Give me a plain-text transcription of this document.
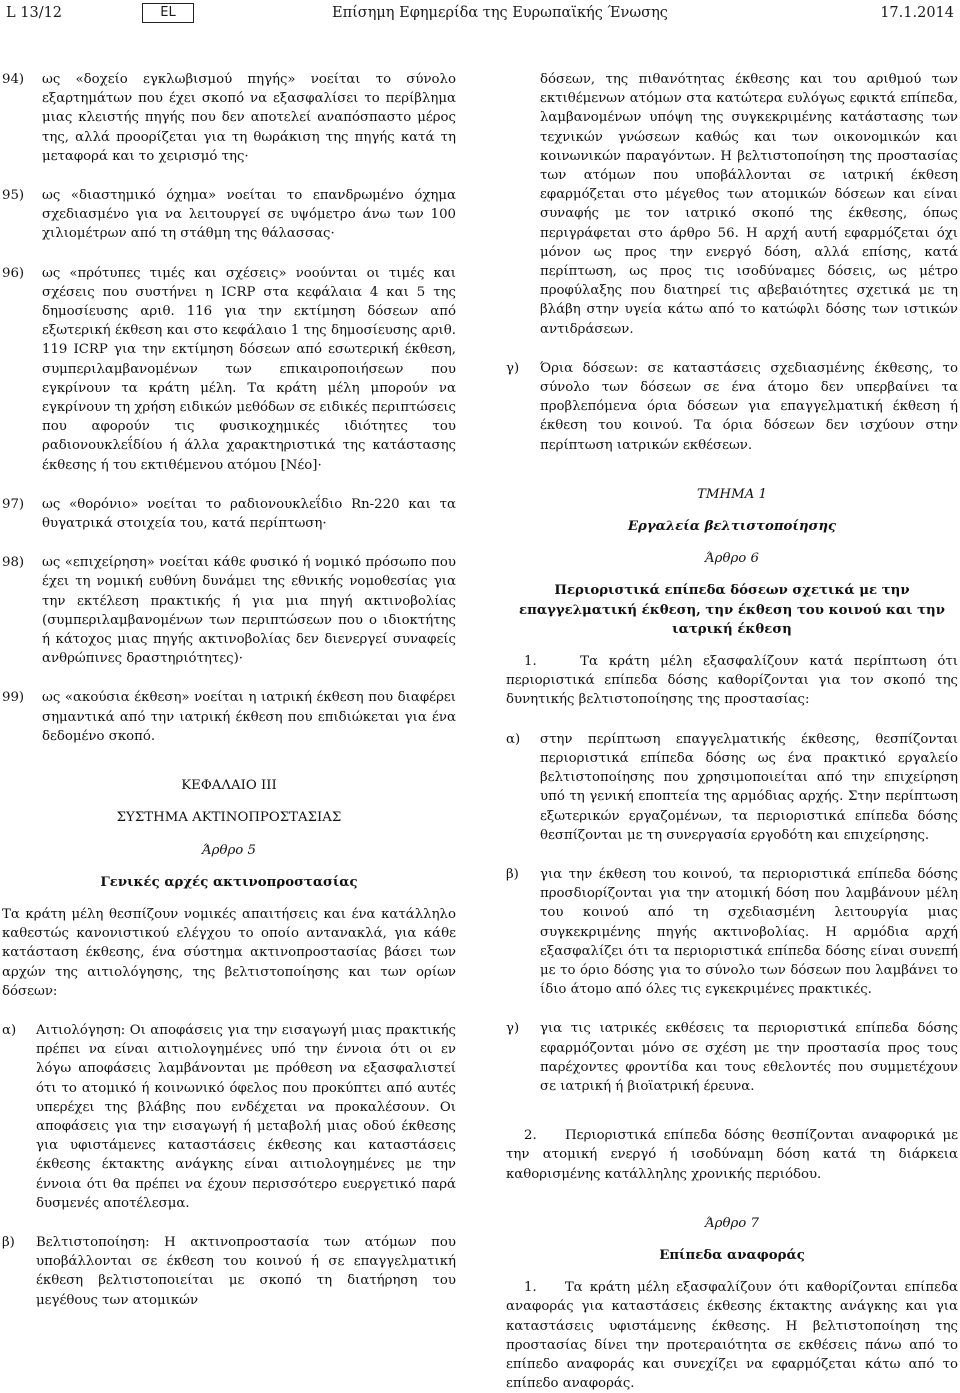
L 13/12	EL	Επίσημη Εφημερίδα της Ευρωπαϊκής Ένωσης	17.1.2014
94)	ως «δοχείο εγκλωβισμού πηγής» νοείται το σύνολο εξαρτημάτων που έχει σκοπό να εξασφαλίσει το περίβλημα μιας κλειστής πηγής που δεν αποτελεί αναπόσπαστο μέρος της, αλλά προορίζεται για τη θωράκιση της πηγής κατά τη μεταφορά και το χειρισμό της·

95)	ως «διαστημικό όχημα» νοείται το επανδρωμένο όχημα σχεδιασμένο για να λειτουργεί σε υψόμετρο άνω των 100 χιλιομέτρων από τη στάθμη της θάλασσας·

96)	ως «πρότυπες τιμές και σχέσεις» νοούνται οι τιμές και σχέσεις που συστήνει η ICRP στα κεφάλαια 4 και 5 της δημοσίευσης αριθ. 116 για την εκτίμηση δόσεων από εξωτερική έκθεση και στο κεφάλαιο 1 της δημοσίευσης αριθ. 119 ICRP για την εκτίμηση δόσεων από εσωτερική έκθεση, συμπεριλαμβανομένων των επικαιροποιήσεων που εγκρίνουν τα κράτη μέλη. Τα κράτη μέλη μπορούν να εγκρίνουν τη χρήση ειδικών μεθόδων σε ειδικές περιπτώσεις που αφορούν τις φυσικοχημικές ιδιότητες του ραδιονουκλεΐδίου ή άλλα χαρακτηριστικά της κατάστασης έκθεσης ή του εκτιθέμενου ατόμου [Νέο]·

97)	ως «θορόνιο» νοείται το ραδιονουκλεΐδιο Rn-220 και τα θυγατρικά στοιχεία του, κατά περίπτωση·

98)	ως «επιχείρηση» νοείται κάθε φυσικό ή νομικό πρόσωπο που έχει τη νομική ευθύνη δυνάμει της εθνικής νομοθεσίας για την εκτέλεση πρακτικής ή για μια πηγή ακτινοβολίας (συμπεριλαμβανομένων των περιπτώσεων που ο ιδιοκτήτης ή κάτοχος μιας πηγής ακτινοβολίας δεν διενεργεί συναφείς ανθρώπινες δραστηριότητες)·

99)	ως «ακούσια έκθεση» νοείται η ιατρική έκθεση που διαφέρει σημαντικά από την ιατρική έκθεση που επιδιώκεται για ένα δεδομένο σκοπό.

ΚΕΦΑΛΑΙΟ III

ΣΥΣΤΗΜΑ ΑΚΤΙΝΟΠΡΟΣΤΑΣΙΑΣ

Άρθρο 5

Γενικές αρχές ακτινοπροστασίας

Τα κράτη μέλη θεσπίζουν νομικές απαιτήσεις και ένα κατάλληλο καθεστώς κανονιστικού ελέγχου το οποίο αντανακλά, για κάθε κατάσταση έκθεσης, ένα σύστημα ακτινοπροστασίας βάσει των αρχών της αιτιολόγησης, της βελτιστοποίησης και των ορίων δόσεων:

α)	Αιτιολόγηση: Οι αποφάσεις για την εισαγωγή μιας πρακτικής πρέπει να είναι αιτιολογημένες υπό την έννοια ότι οι εν λόγω αποφάσεις λαμβάνονται με πρόθεση να εξασφαλιστεί ότι το ατομικό ή κοινωνικό όφελος που προκύπτει από αυτές υπερέχει της βλάβης που ενδέχεται να προκαλέσουν. Οι αποφάσεις για την εισαγωγή ή μεταβολή μιας οδού έκθεσης για υφιστάμενες καταστάσεις έκθεσης και καταστάσεις έκθεσης έκτακτης ανάγκης είναι αιτιολογημένες με την έννοια ότι θα πρέπει να έχουν περισσότερο ευεργετικό παρά δυσμενές αποτέλεσμα.

β)	Βελτιστοποίηση: Η ακτινοπροστασία των ατόμων που υποβάλλονται σε έκθεση του κοινού ή σε επαγγελματική έκθεση βελτιστοποιείται με σκοπό τη διατήρηση του μεγέθους των ατομικών

δόσεων, της πιθανότητας έκθεσης και του αριθμού των εκτιθέμενων ατόμων στα κατώτερα ευλόγως εφικτά επίπεδα, λαμβανομένων υπόψη της συγκεκριμένης κατάστασης των τεχνικών γνώσεων καθώς και των οικονομικών και κοινωνικών παραγόντων. Η βελτιστοποίηση της προστασίας των ατόμων που υποβάλλονται σε ιατρική έκθεση εφαρμόζεται στο μέγεθος των ατομικών δόσεων και είναι συναφής με τον ιατρικό σκοπό της έκθεσης, όπως περιγράφεται στο άρθρο 56. Η αρχή αυτή εφαρμόζεται όχι μόνον ως προς την ενεργό δόση, αλλά επίσης, κατά περίπτωση, ως προς τις ισοδύναμες δόσεις, ως μέτρο προφύλαξης που διατηρεί τις αβεβαιότητες σχετικά με τη βλάβη στην υγεία κάτω από το κατώφλι δόσης των ιστικών αντιδράσεων.

γ)	Όρια δόσεων: σε καταστάσεις σχεδιασμένης έκθεσης, το σύνολο των δόσεων σε ένα άτομο δεν υπερβαίνει τα προβλεπόμενα όρια δόσεων για επαγγελματική έκθεση ή έκθεση του κοινού. Τα όρια δόσεων δεν ισχύουν στην περίπτωση ιατρικών εκθέσεων.

ΤΜΗΜΑ 1

Εργαλεία βελτιστοποίησης

Άρθρο 6

Περιοριστικά επίπεδα δόσεων σχετικά με την επαγγελματική έκθεση, την έκθεση του κοινού και την ιατρική έκθεση

1.	Τα κράτη μέλη εξασφαλίζουν κατά περίπτωση ότι περιοριστικά επίπεδα δόσης καθορίζονται για τον σκοπό της δυνητικής βελτιστοποίησης της προστασίας:

α)	στην περίπτωση επαγγελματικής έκθεσης, θεσπίζονται περιοριστικά επίπεδα δόσης ως ένα πρακτικό εργαλείο βελτιστοποίησης που χρησιμοποιείται από την επιχείρηση υπό τη γενική εποπτεία της αρμόδιας αρχής. Στην περίπτωση εξωτερικών εργαζομένων, τα περιοριστικά επίπεδα δόσης θεσπίζονται με τη συνεργασία εργοδότη και επιχείρησης.

β)	για την έκθεση του κοινού, τα περιοριστικά επίπεδα δόσης προσδιορίζονται για την ατομική δόση που λαμβάνουν μέλη του κοινού από τη σχεδιασμένη λειτουργία μιας συγκεκριμένης πηγής ακτινοβολίας. Η αρμόδια αρχή εξασφαλίζει ότι τα περιοριστικά επίπεδα δόσης είναι συνεπή με το όριο δόσης για το σύνολο των δόσεων που λαμβάνει το ίδιο άτομο από όλες τις εγκεκριμένες πρακτικές.

γ)	για τις ιατρικές εκθέσεις τα περιοριστικά επίπεδα δόσης εφαρμόζονται μόνο σε σχέση με την προστασία προς τους παρέχοντες φροντίδα και τους εθελοντές που συμμετέχουν σε ιατρική ή βιοϊατρική έρευνα.

2. Περιοριστικά επίπεδα δόσης θεσπίζονται αναφορικά με την ατομική ενεργό ή ισοδύναμη δόση κατά τη διάρκεια καθορισμένης κατάλληλης χρονικής περιόδου.

Άρθρο 7

Επίπεδα αναφοράς

1. Τα κράτη μέλη εξασφαλίζουν ότι καθορίζονται επίπεδα αναφοράς για καταστάσεις έκθεσης έκτακτης ανάγκης και για καταστάσεις υφιστάμενης έκθεσης. Η βελτιστοποίηση της προστασίας δίνει την προτεραιότητα σε εκθέσεις πάνω από το επίπεδο αναφοράς και συνεχίζει να εφαρμόζεται κάτω από το επίπεδο αναφοράς.
